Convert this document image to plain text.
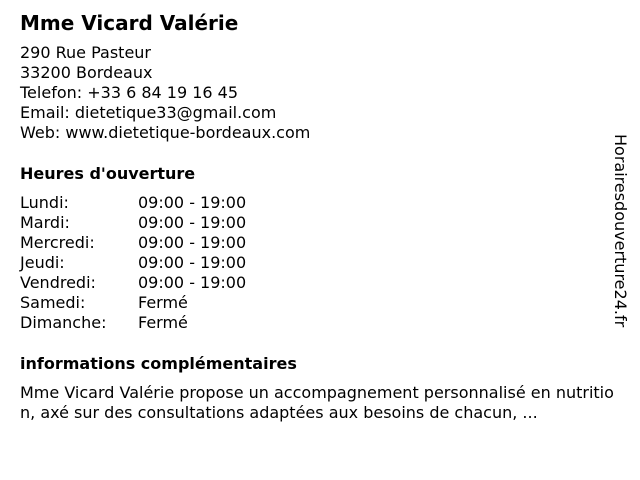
Mme Vicard Valérie
290 Rue Pasteur
33200 Bordeaux
Telefon: +33 6 84 19 16 45
Email: dietetique33@gmail.com
Web: www.dietetique-bordeaux.com
Heures d'ouverture
Lundi:	09:00 - 19:00
Mardi:	09:00 - 19:00
Mercredi:	09:00 - 19:00
Jeudi:	09:00 - 19:00
Vendredi:	09:00 - 19:00
Samedi:	Fermé
Dimanche:	Fermé
informations complémentaires
Mme Vicard Valérie propose un accompagnement personnalisé en nutrition, axé sur des consultations adaptées aux besoins de chacun, ...
Horairesdouverture24.fr
